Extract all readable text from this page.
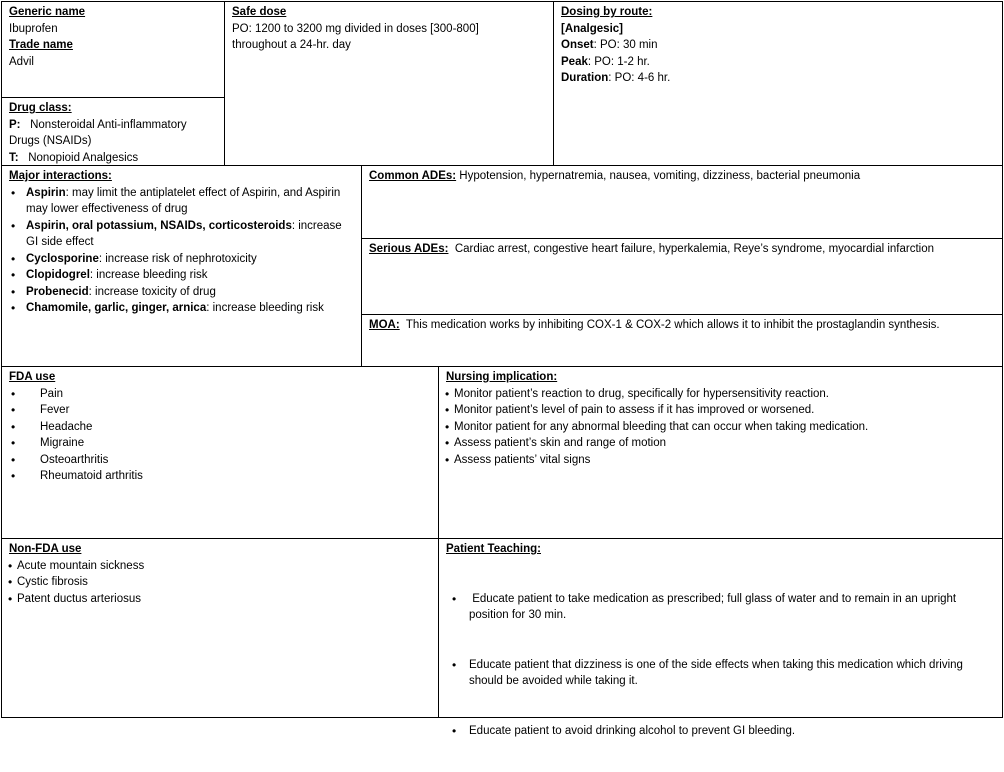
Generic name
Ibuprofen
Trade name
Advil
Drug class:
P: Nonsteroidal Anti-inflammatory Drugs (NSAIDs)
T: Nonopioid Analgesics
Safe dose
PO: 1200 to 3200 mg divided in doses [300-800] throughout a 24-hr. day
Dosing by route:
[Analgesic]
Onset: PO: 30 min
Peak: PO: 1-2 hr.
Duration: PO: 4-6 hr.
Major interactions:
• Aspirin: may limit the antiplatelet effect of Aspirin, and Aspirin may lower effectiveness of drug
• Aspirin, oral potassium, NSAIDs, corticosteroids: increase GI side effect
• Cyclosporine: increase risk of nephrotoxicity
• Clopidogrel: increase bleeding risk
• Probenecid: increase toxicity of drug
• Chamomile, garlic, ginger, arnica: increase bleeding risk
Common ADEs: Hypotension, hypernatremia, nausea, vomiting, dizziness, bacterial pneumonia
Serious ADEs:  Cardiac arrest, congestive heart failure, hyperkalemia, Reye’s syndrome, myocardial infarction
MOA:  This medication works by inhibiting COX-1 & COX-2 which allows it to inhibit the prostaglandin synthesis.
FDA use
• Pain
• Fever
• Headache
• Migraine
• Osteoarthritis
• Rheumatoid arthritis
Nursing implication:
• Monitor patient’s reaction to drug, specifically for hypersensitivity reaction.
• Monitor patient’s level of pain to assess if it has improved or worsened.
• Monitor patient for any abnormal bleeding that can occur when taking medication.
• Assess patient’s skin and range of motion
• Assess patients’ vital signs
Non-FDA use
• Acute mountain sickness
• Cystic fibrosis
• Patent ductus arteriosus
Patient Teaching:

•  Educate patient to take medication as prescribed; full glass of water and to remain in an upright position for 30 min.

• Educate patient that dizziness is one of the side effects when taking this medication which driving should be avoided while taking it.

• Educate patient to avoid drinking alcohol to prevent GI bleeding.
